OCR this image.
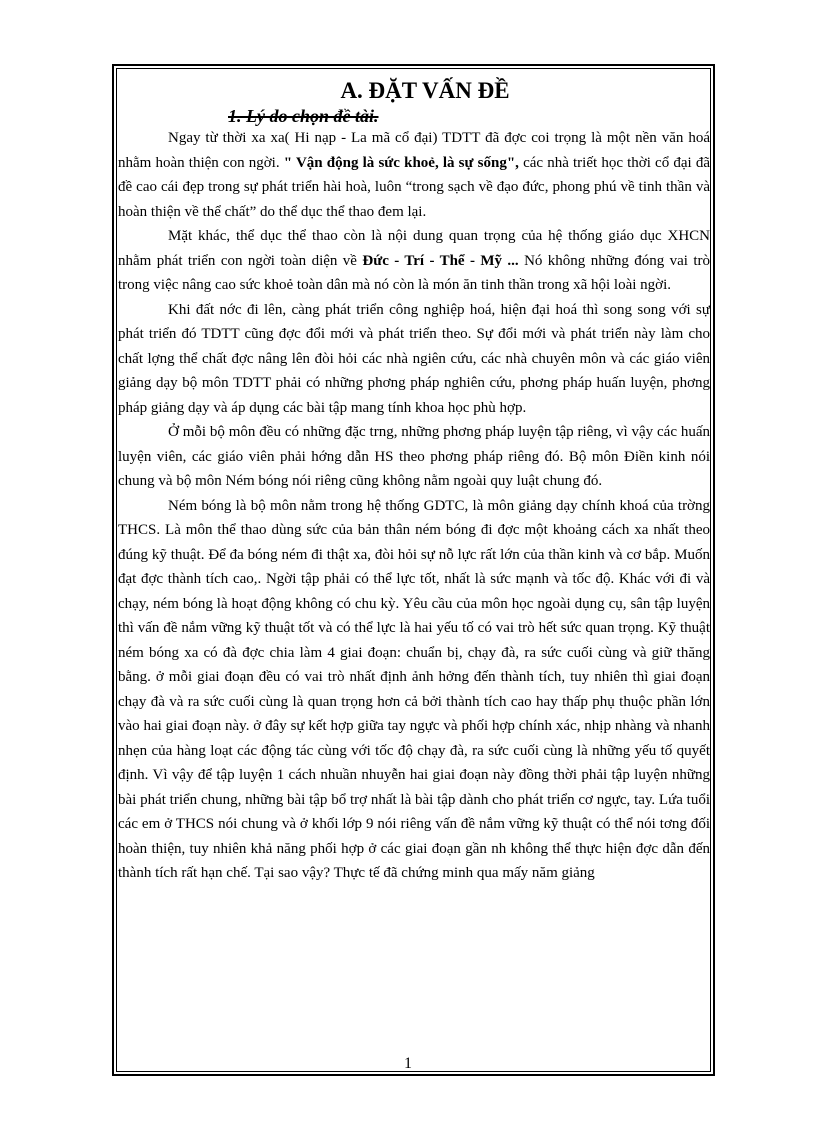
A. ĐẶT VẤN ĐỀ
1. Lý do chọn đề tài.

Ngay từ thời xa xa( Hi nạp - La mã cổ đại) TDTT đã đợc coi trọng là một nền văn hoá nhằm hoàn thiện con ngời. " Vận động là sức khoẻ, là sự sống", các nhà triết học thời cổ đại đã đề cao cái đẹp trong sự phát triển hài hoà, luôn “trong sạch về đạo đức, phong phú về tinh thần và hoàn thiện về thể chất” do thể dục thể thao đem lại.

Mặt khác, thể dục thể thao còn là nội dung quan trọng của hệ thống giáo dục XHCN nhằm phát triển con ngời toàn diện về Đức - Trí - Thể - Mỹ ... Nó không những đóng vai trò trong việc nâng cao sức khoẻ toàn dân mà nó còn là món ăn tinh thần trong xã hội loài ngời.

Khi đất nớc đi lên, càng phát triển công nghiệp hoá, hiện đại hoá thì song song với sự phát triển đó TDTT cũng đợc đổi mới và phát triển theo. Sự đổi mới và phát triển này làm cho chất lợng thể chất đợc nâng lên đòi hỏi các nhà ngiên cứu, các nhà chuyên môn và các giáo viên giảng dạy bộ môn TDTT phải có những phơng pháp nghiên cứu, phơng pháp huấn luyện, phơng pháp giảng dạy và áp dụng các bài tập mang tính khoa học phù hợp.

Ở mỗi bộ môn đều có những đặc trng, những phơng pháp luyện tập riêng, vì vậy các huấn luyện viên, các giáo viên phải hớng dẫn HS theo phơng pháp riêng đó. Bộ môn Điền kinh nói chung và bộ môn Ném bóng nói riêng cũng không nằm ngoài quy luật chung đó.

Ném bóng là bộ môn nằm trong hệ thống GDTC, là môn giảng dạy chính khoá của trờng THCS. Là môn thể thao dùng sức của bản thân ném bóng đi đợc một khoảng cách xa nhất theo đúng kỹ thuật. Để đa bóng ném đi thật xa, đòi hỏi sự nỗ lực rất lớn của thần kinh và cơ bắp. Muốn đạt đợc thành tích cao,. Ngời tập phải có thể lực tốt, nhất là sức mạnh và tốc độ. Khác với đi và chạy, ném bóng là hoạt động không có chu kỳ. Yêu cầu của môn học ngoài dụng cụ, sân tập luyện thì vấn đề nắm vững kỹ thuật tốt và có thể lực là hai yếu tố có vai trò hết sức quan trọng. Kỹ thuật ném bóng xa có đà đợc chia làm 4 giai đoạn: chuẩn bị, chạy đà, ra sức cuối cùng và giữ thăng bằng. ở mỗi giai đoạn đều có vai trò nhất định ảnh hởng đến thành tích, tuy nhiên thì giai đoạn chạy đà và ra sức cuối cùng là quan trọng hơn cả bởi thành tích cao hay thấp phụ thuộc phần lớn vào hai giai đoạn này. ở đây sự kết hợp giữa tay ngực và phối hợp chính xác, nhịp nhàng và nhanh nhẹn của hàng loạt các động tác cùng với tốc độ chạy đà, ra sức cuối cùng là những yếu tố quyết định. Vì vậy để tập luyện 1 cách nhuần nhuyễn hai giai đoạn này đồng thời phải tập luyện những bài phát triển chung, những bài tập bổ trợ nhất là bài tập dành cho phát triển cơ ngực, tay. Lứa tuổi các em ở THCS nói chung và ở khối lớp 9 nói riêng vấn đề nắm vững kỹ thuật có thể nói tơng đối hoàn thiện, tuy nhiên khả năng phối hợp ở các giai đoạn gần nh không thể thực hiện đợc dẫn đến thành tích rất hạn chế. Tại sao vậy? Thực tế đã chứng minh qua mấy năm giảng

1
